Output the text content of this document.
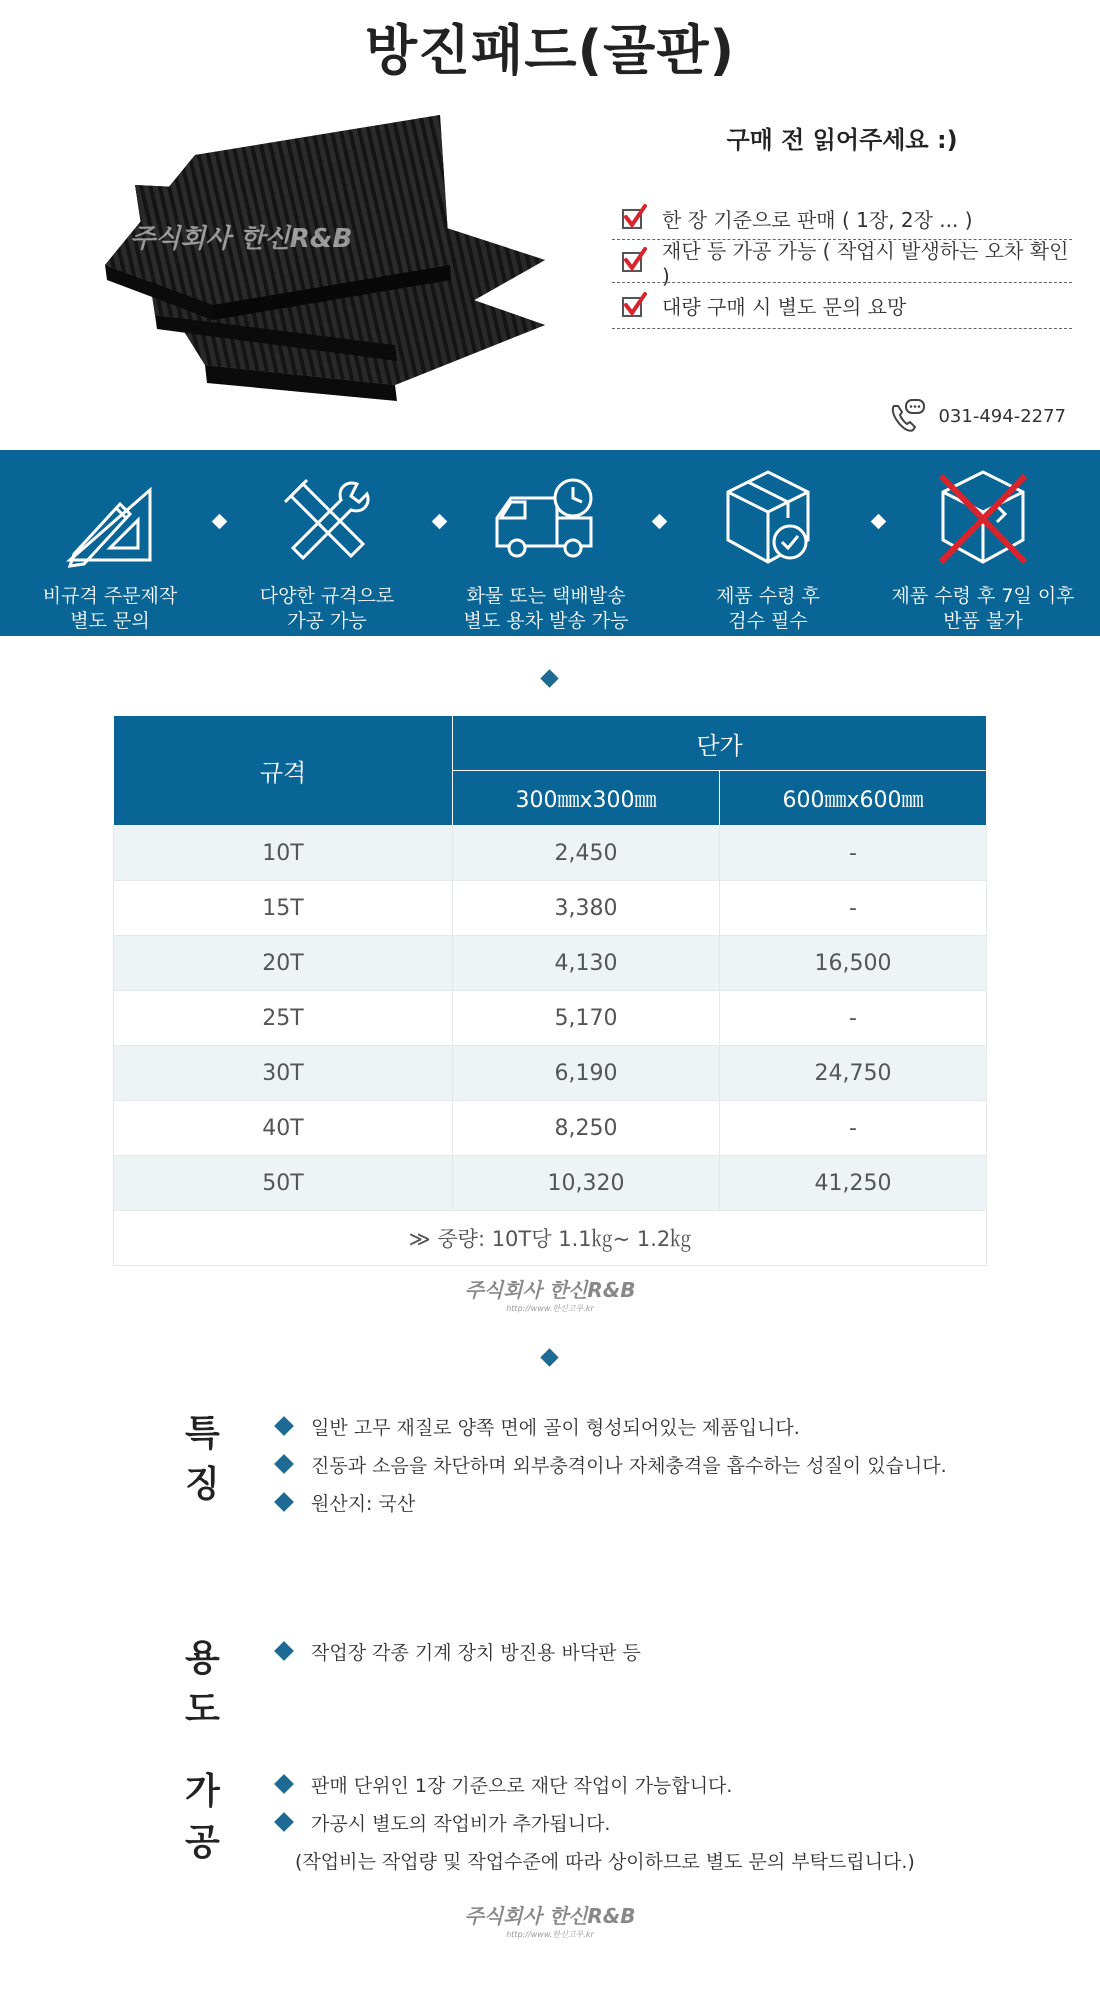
방진패드(골판)
주식회사 한신R&B
구매 전 읽어주세요 :)
한 장 기준으로 판매 ( 1장, 2장 ... )
재단 등 가공 가능 ( 작업시 발생하는 오차 확인 )
대량 구매 시 별도 문의 요망
031-494-2277
비규격 주문제작
별도 문의
다양한 규격으로
가공 가능
화물 또는 택배발송
별도 용차 발송 가능
제품 수령 후
검수 필수
제품 수령 후 7일 이후
반품 불가
규격	단가	
	300㎜x300㎜	600㎜x600㎜
10T	2,450	-
15T	3,380	-
20T	4,130	16,500
25T	5,170	-
30T	6,190	24,750
40T	8,250	-
50T	10,320	41,250
≫ 중량: 10T당 1.1㎏~ 1.2㎏		
주식회사 한신R&B
http://www.한신고무.kr
특징
일반 고무 재질로 양쪽 면에 골이 형성되어있는 제품입니다.
진동과 소음을 차단하며 외부충격이나 자체충격을 흡수하는 성질이 있습니다.
원산지: 국산
용도
작업장 각종 기계 장치 방진용 바닥판 등
가공
판매 단위인 1장 기준으로 재단 작업이 가능합니다.
가공시 별도의 작업비가 추가됩니다.
(작업비는 작업량 및 작업수준에 따라 상이하므로 별도 문의 부탁드립니다.)
주식회사 한신R&B
http://www.한신고무.kr
